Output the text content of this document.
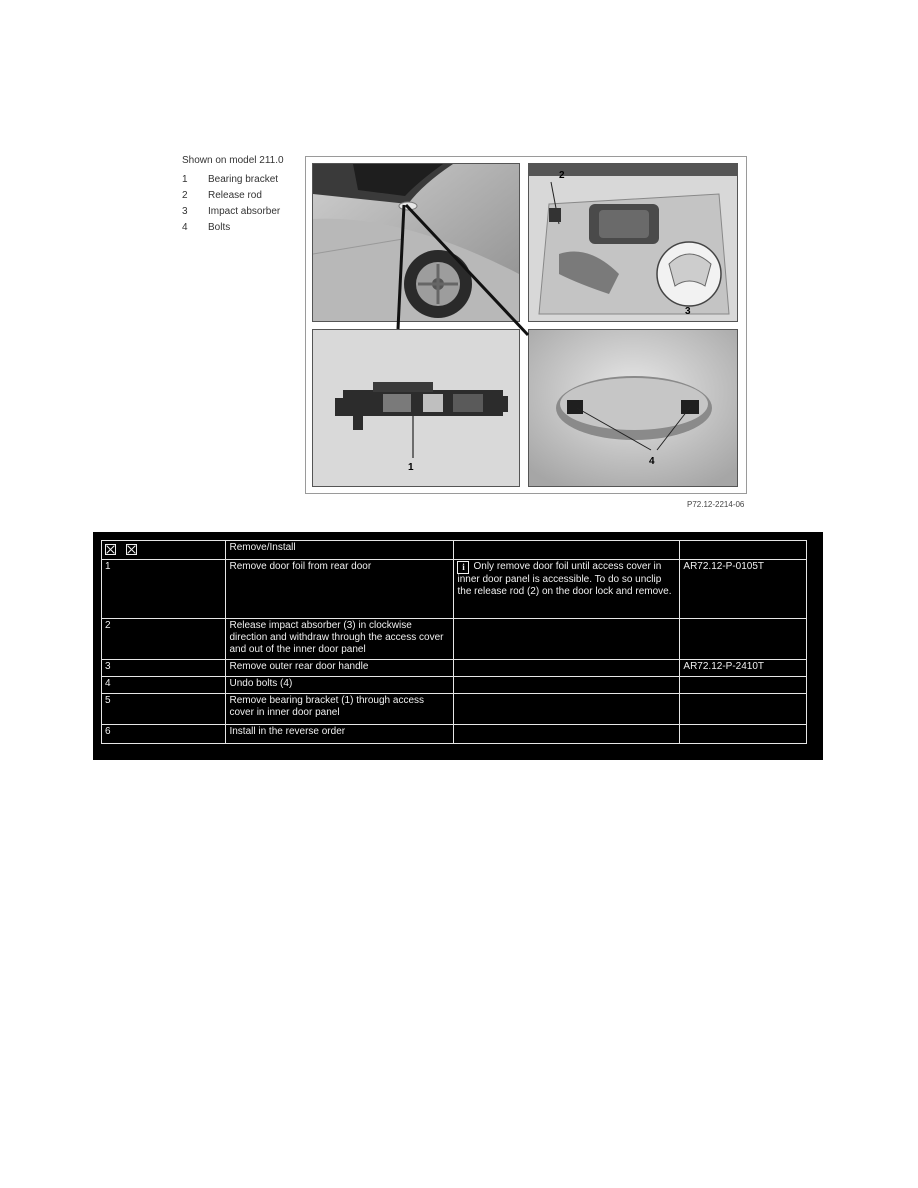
Shown on model 211.0
1 Bearing bracket
2 Release rod
3 Impact absorber
4 Bolts
2
3
1
4
P72.12-2214-06
	Remove/Install		
1	Remove door foil from rear door	i Only remove door foil until access cover in inner door panel is accessible. To do so unclip the release rod (2) on the door lock and remove.	AR72.12-P-0105T
2	Release impact absorber (3) in clockwise direction and withdraw through the access cover and out of the inner door panel		
3	Remove outer rear door handle		AR72.12-P-2410T
4	Undo bolts (4)		
5	Remove bearing bracket (1) through access cover in inner door panel		
6	Install in the reverse order		
